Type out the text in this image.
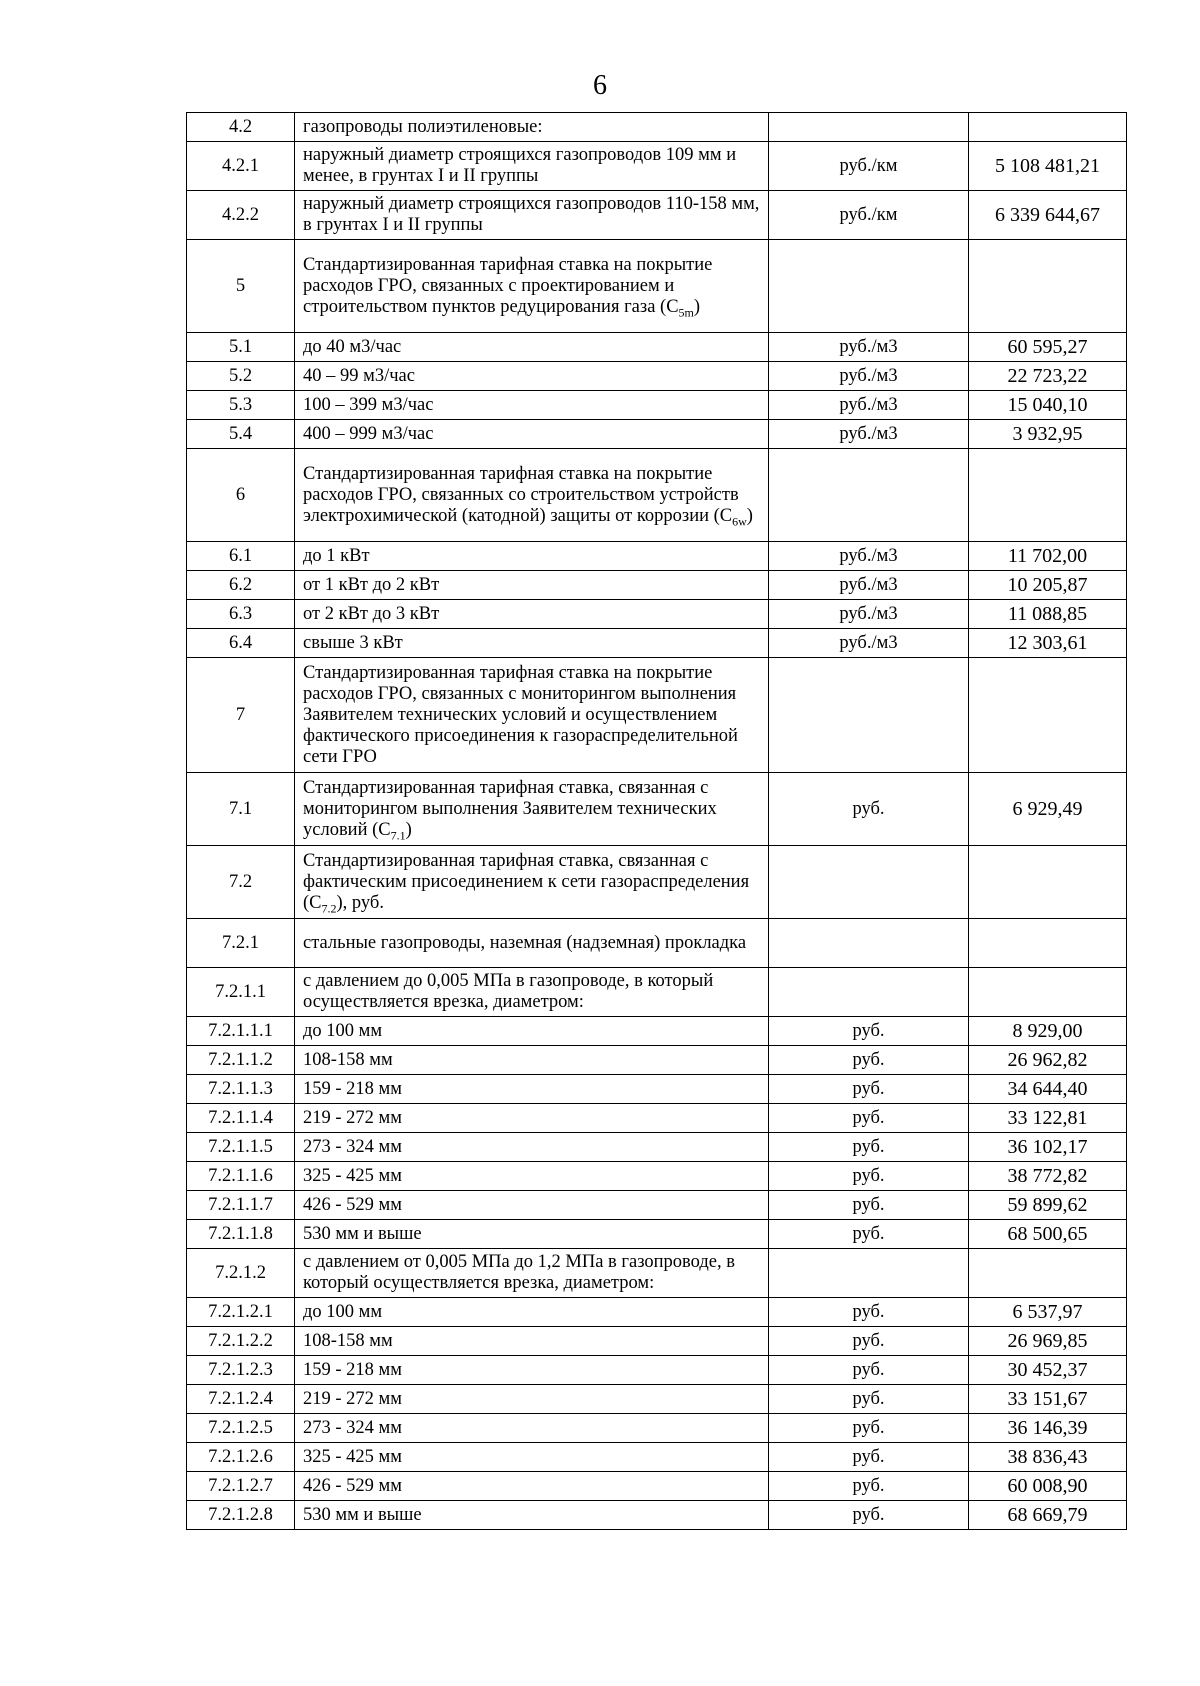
6
4.2	газопроводы полиэтиленовые:		
4.2.1	наружный диаметр строящихся газопроводов 109 мм и менее, в грунтах I и II группы	руб./км	5 108 481,21
4.2.2	наружный диаметр строящихся газопроводов 110-158 мм, в грунтах I и II группы	руб./км	6 339 644,67
5	Стандартизированная тарифная ставка на покрытие расходов ГРО, связанных с проектированием и строительством пунктов редуцирования газа $(C_{5m})$		
5.1	до 40 м3/час	руб./м3	60 595,27
5.2	40 – 99 м3/час	руб./м3	22 723,22
5.3	100 – 399 м3/час	руб./м3	15 040,10
5.4	400 – 999 м3/час	руб./м3	3 932,95
6	Стандартизированная тарифная ставка на покрытие расходов ГРО, связанных со строительством устройств электрохимической (катодной) защиты от коррозии $(C_{6w})$		
6.1	до 1 кВт	руб./м3	11 702,00
6.2	от 1 кВт до 2 кВт	руб./м3	10 205,87
6.3	от 2 кВт до 3 кВт	руб./м3	11 088,85
6.4	свыше 3 кВт	руб./м3	12 303,61
7	Стандартизированная тарифная ставка на покрытие расходов ГРО, связанных с мониторингом выполнения Заявителем технических условий и осуществлением фактического присоединения к газораспределительной сети ГРО		
7.1	Стандартизированная тарифная ставка, связанная с мониторингом выполнения Заявителем технических условий $(C_{7.1})$	руб.	6 929,49
7.2	Стандартизированная тарифная ставка, связанная с фактическим присоединением к сети газораспределения $(C_{7.2})$, руб.		
7.2.1	стальные газопроводы, наземная (надземная) прокладка		
7.2.1.1	с давлением до 0,005 МПа в газопроводе, в который осуществляется врезка, диаметром:		
7.2.1.1.1	до 100 мм	руб.	8 929,00
7.2.1.1.2	108-158 мм	руб.	26 962,82
7.2.1.1.3	159 - 218 мм	руб.	34 644,40
7.2.1.1.4	219 - 272 мм	руб.	33 122,81
7.2.1.1.5	273 - 324 мм	руб.	36 102,17
7.2.1.1.6	325 - 425 мм	руб.	38 772,82
7.2.1.1.7	426 - 529 мм	руб.	59 899,62
7.2.1.1.8	530 мм и выше	руб.	68 500,65
7.2.1.2	с давлением от 0,005 МПа до 1,2 МПа в газопроводе, в который осуществляется врезка, диаметром:		
7.2.1.2.1	до 100 мм	руб.	6 537,97
7.2.1.2.2	108-158 мм	руб.	26 969,85
7.2.1.2.3	159 - 218 мм	руб.	30 452,37
7.2.1.2.4	219 - 272 мм	руб.	33 151,67
7.2.1.2.5	273 - 324 мм	руб.	36 146,39
7.2.1.2.6	325 - 425 мм	руб.	38 836,43
7.2.1.2.7	426 - 529 мм	руб.	60 008,90
7.2.1.2.8	530 мм и выше	руб.	68 669,79
